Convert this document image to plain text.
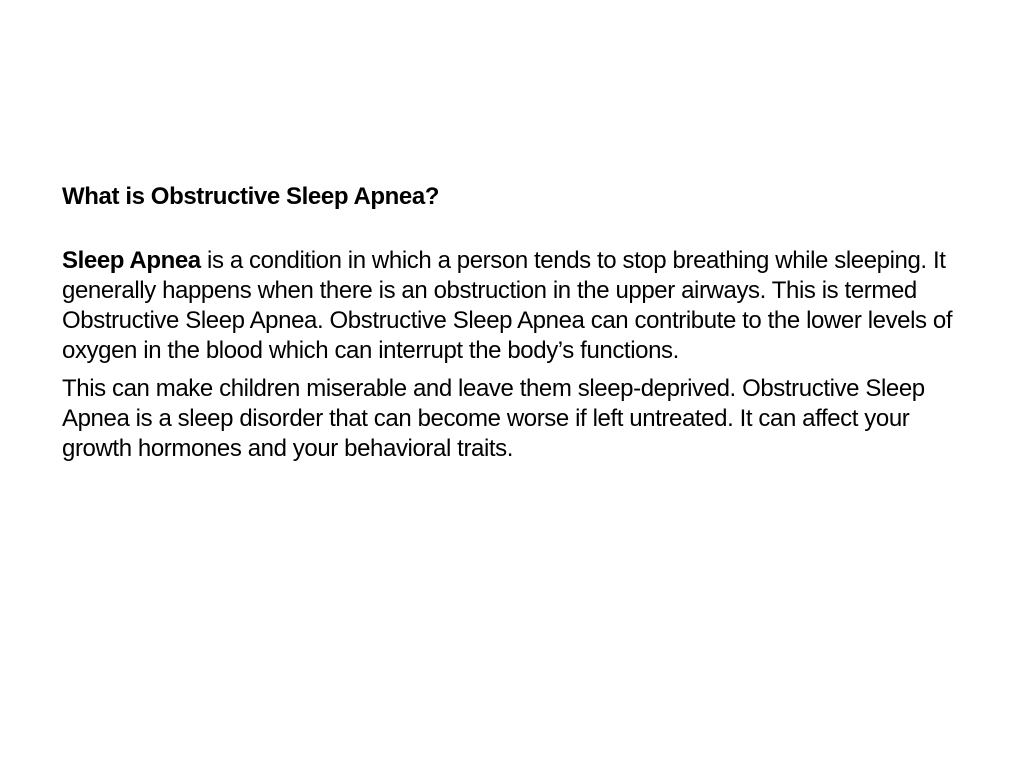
What is Obstructive Sleep Apnea?

Sleep Apnea is a condition in which a person tends to stop breathing while sleeping. It generally happens when there is an obstruction in the upper airways. This is termed Obstructive Sleep Apnea. Obstructive Sleep Apnea can contribute to the lower levels of oxygen in the blood which can interrupt the body’s functions.

This can make children miserable and leave them sleep-deprived. Obstructive Sleep Apnea is a sleep disorder that can become worse if left untreated. It can affect your growth hormones and your behavioral traits.
